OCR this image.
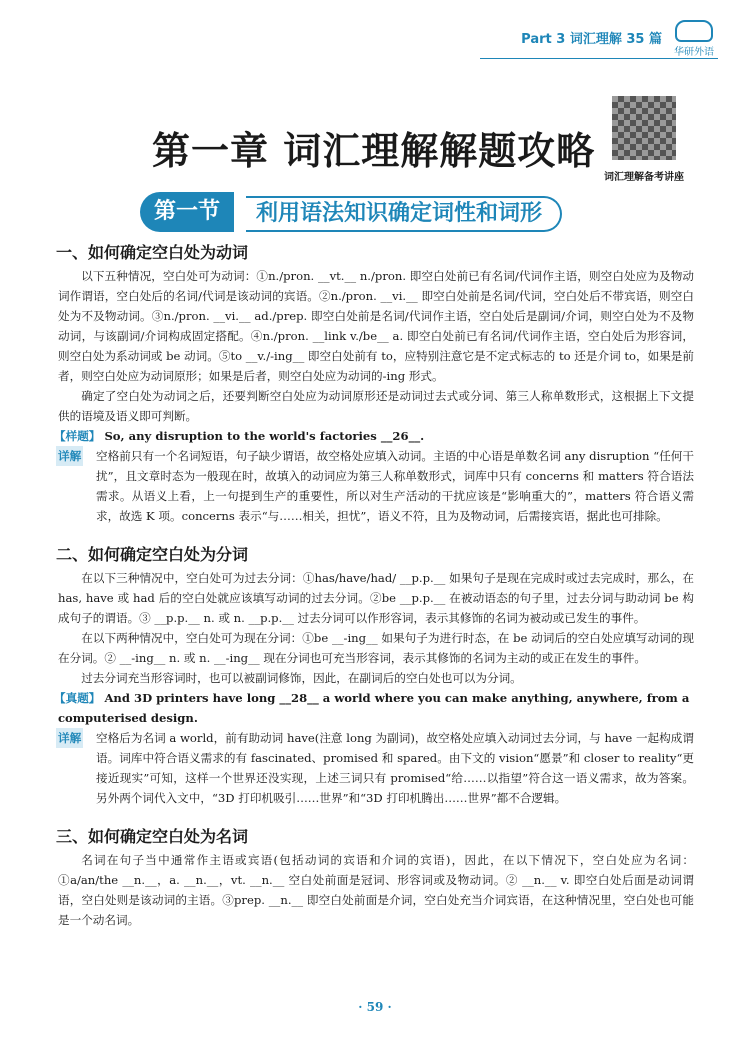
Part 3 词汇理解 35 篇
华研外语
第一章 词汇理解解题攻略
词汇理解备考讲座
第一节	利用语法知识确定词性和词形
一、如何确定空白处为动词

以下五种情况，空白处可为动词：①n./pron. __vt.__ n./pron. 即空白处前已有名词/代词作主语，则空白处应为及物动词作谓语，空白处后的名词/代词是该动词的宾语。②n./pron. __vi.__ 即空白处前是名词/代词，空白处后不带宾语，则空白处为不及物动词。③n./pron. __vi.__ ad./prep. 即空白处前是名词/代词作主语，空白处后是副词/介词，则空白处为不及物动词，与该副词/介词构成固定搭配。④n./pron. __link v./be__ a. 即空白处前已有名词/代词作主语，空白处后为形容词，则空白处为系动词或 be 动词。⑤to __v./-ing__ 即空白处前有 to，应特别注意它是不定式标志的 to 还是介词 to，如果是前者，则空白处应为动词原形；如果是后者，则空白处应为动词的-ing 形式。

确定了空白处为动词之后，还要判断空白处应为动词原形还是动词过去式或分词、第三人称单数形式，这根据上下文提供的语境及语义即可判断。

【样题】 So, any disruption to the world's factories __26__.
详解 空格前只有一个名词短语，句子缺少谓语，故空格处应填入动词。主语的中心语是单数名词 any disruption “任何干扰”，且文章时态为一般现在时，故填入的动词应为第三人称单数形式，词库中只有 concerns 和 matters 符合语法需求。从语义上看，上一句提到生产的重要性，所以对生产活动的干扰应该是“影响重大的”，matters 符合语义需求，故选 K 项。concerns 表示“与……相关，担忧”，语义不符，且为及物动词，后需接宾语，据此也可排除。
二、如何确定空白处为分词

在以下三种情况中，空白处可为过去分词：①has/have/had/ __p.p.__ 如果句子是现在完成时或过去完成时，那么，在 has, have 或 had 后的空白处就应该填写动词的过去分词。②be __p.p.__ 在被动语态的句子里，过去分词与助动词 be 构成句子的谓语。③ __p.p.__ n. 或 n. __p.p.__ 过去分词可以作形容词，表示其修饰的名词为被动或已发生的事件。

在以下两种情况中，空白处可为现在分词：①be __-ing__ 如果句子为进行时态，在 be 动词后的空白处应填写动词的现在分词。② __-ing__ n. 或 n. __-ing__ 现在分词也可充当形容词，表示其修饰的名词为主动的或正在发生的事件。

过去分词充当形容词时，也可以被副词修饰，因此，在副词后的空白处也可以为分词。

【真题】 And 3D printers have long __28__ a world where you can make anything, anywhere, from a computerised design.
详解 空格后为名词 a world，前有助动词 have(注意 long 为副词)，故空格处应填入动词过去分词，与 have 一起构成谓语。词库中符合语义需求的有 fascinated、promised 和 spared。由下文的 vision“愿景”和 closer to reality“更接近现实”可知，这样一个世界还没实现，上述三词只有 promised“给……以指望”符合这一语义需求，故为答案。另外两个词代入文中，“3D 打印机吸引……世界”和“3D 打印机腾出……世界”都不合逻辑。
三、如何确定空白处为名词

名词在句子当中通常作主语或宾语(包括动词的宾语和介词的宾语)，因此，在以下情况下，空白处应为名词：①a/an/the __n.__，a. __n.__，vt. __n.__ 空白处前面是冠词、形容词或及物动词。② __n.__ v. 即空白处后面是动词谓语，空白处则是该动词的主语。③prep. __n.__ 即空白处前面是介词，空白处充当介词宾语，在这种情况里，空白处也可能是一个动名词。

· 59 ·
